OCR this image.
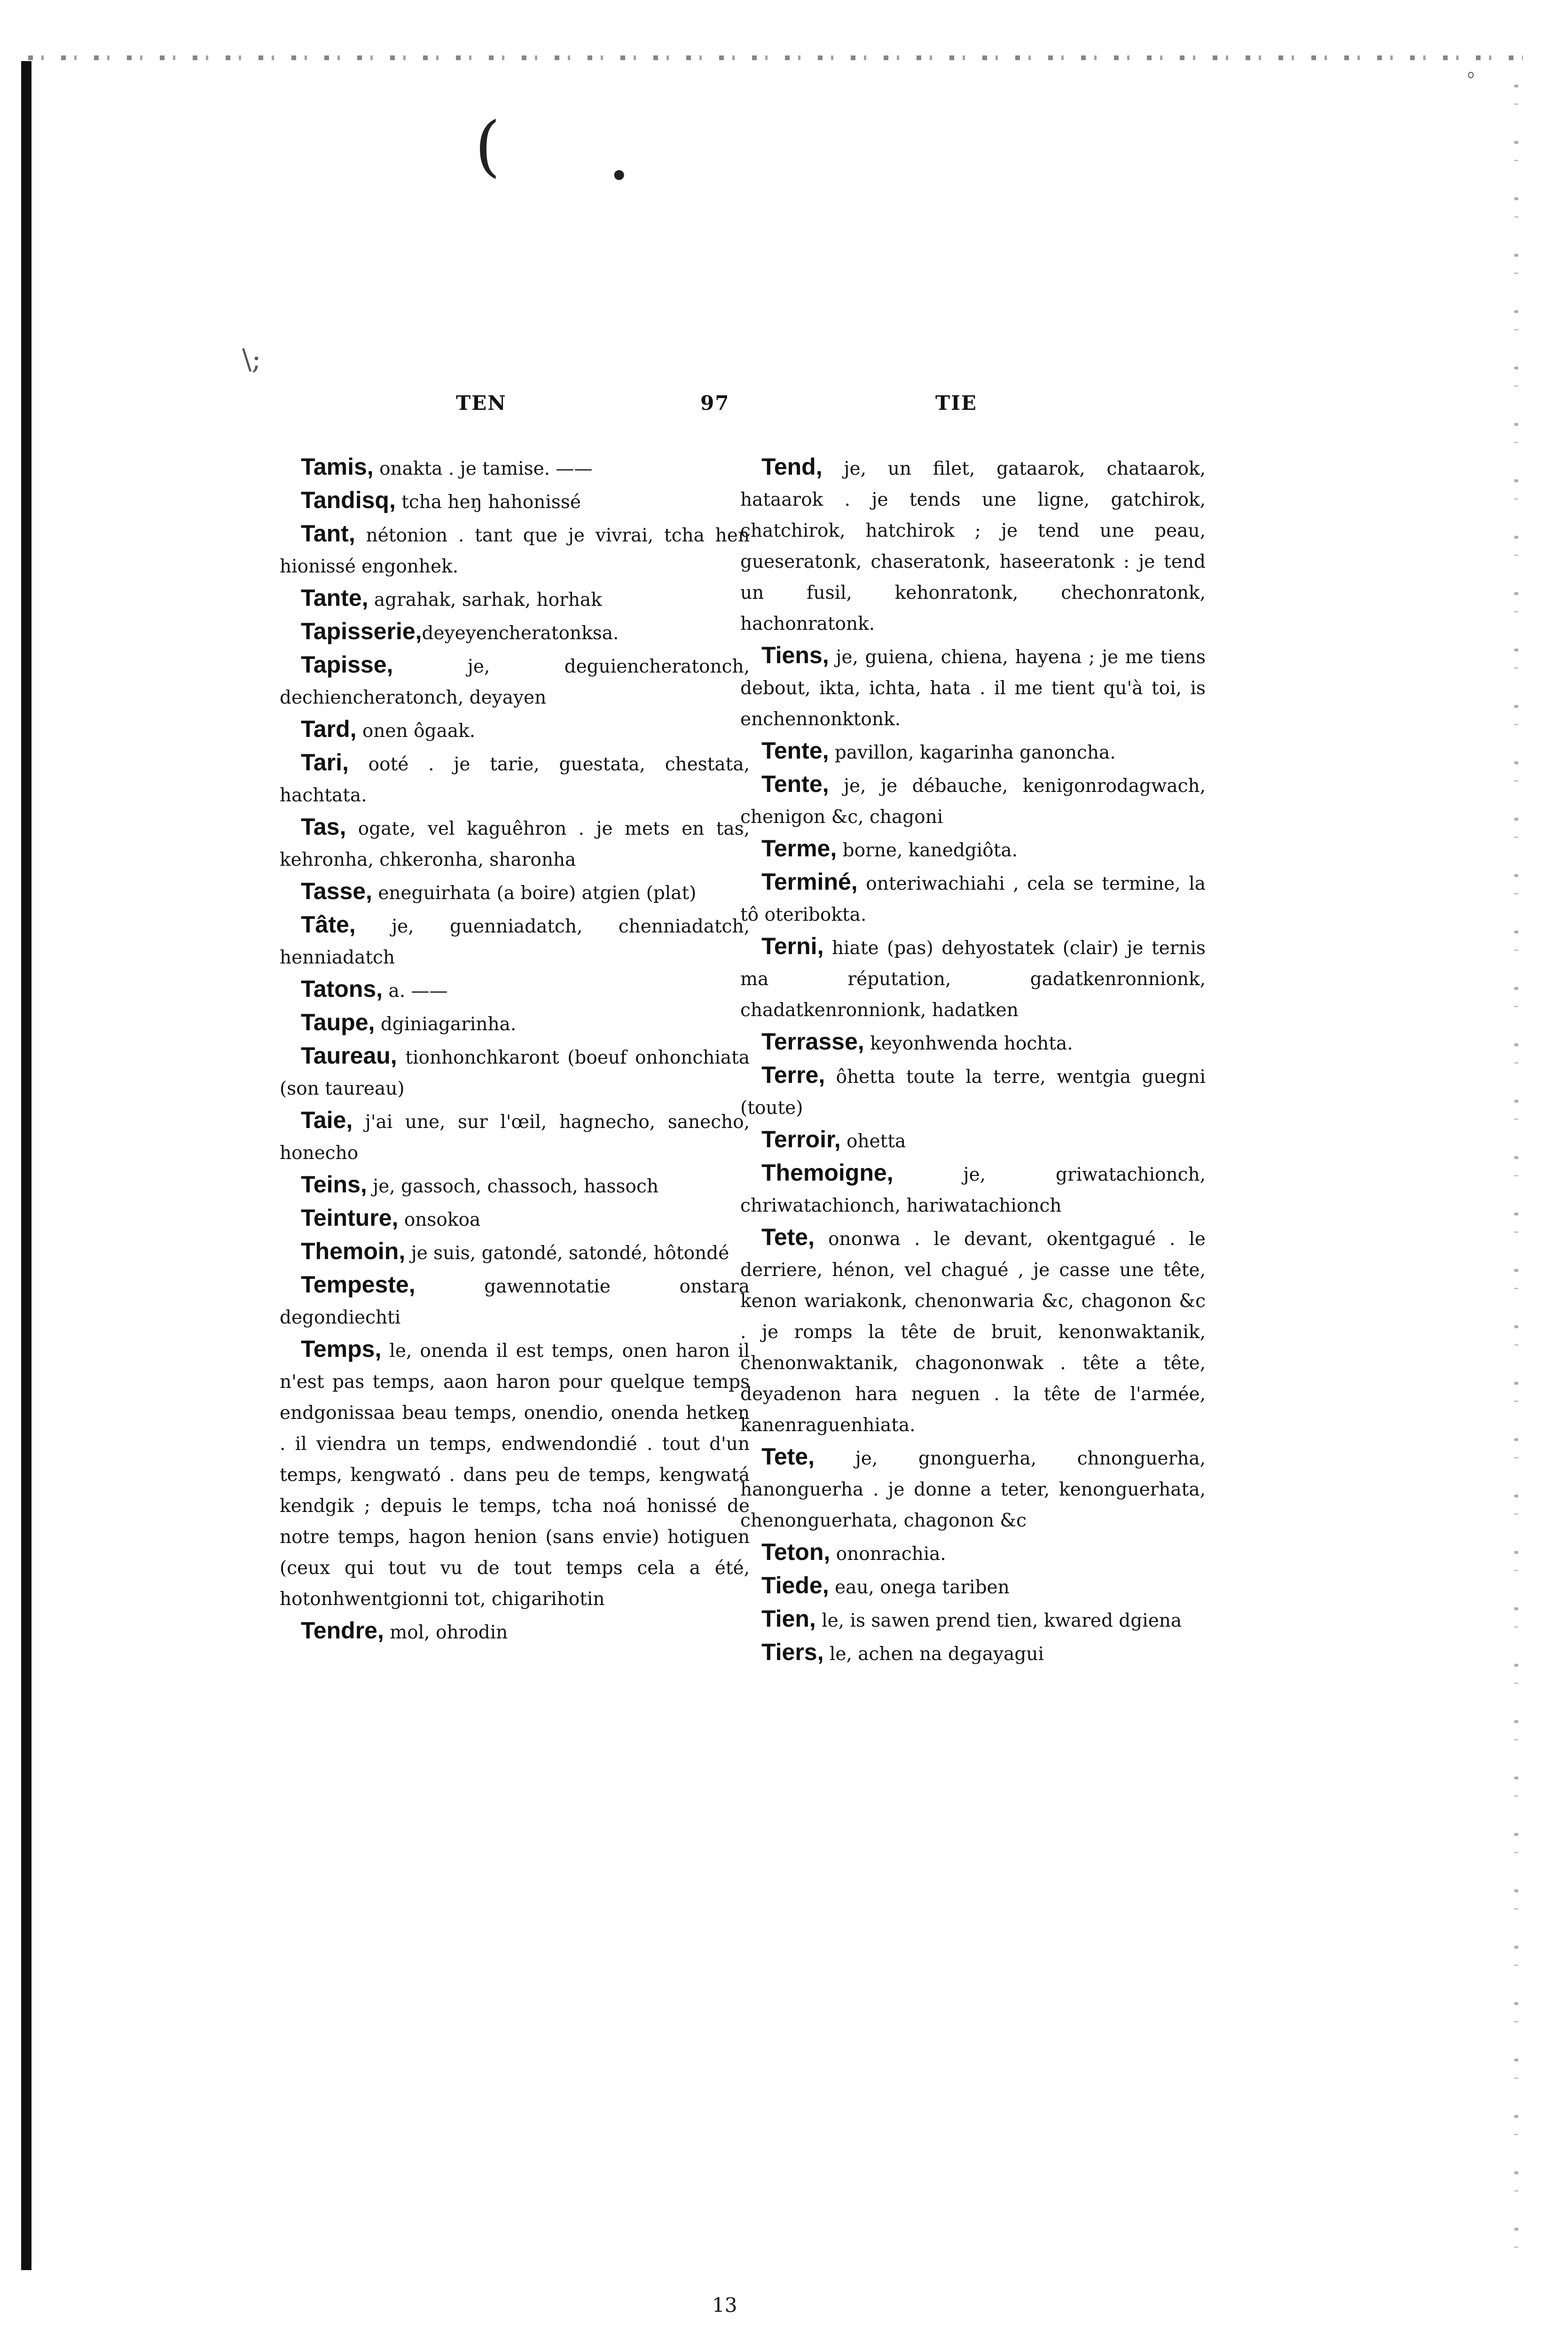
ﾟ
(	•
\;
TEN	97	TIE

Tamis, onakta . je tamise. ——

Tandisq, tcha heŋ hahonissé

Tant, nétonion . tant que je vivrai, tcha hen hionissé engonhek.

Tante, agrahak, sarhak, horhak

Tapisserie,deyeyencheratonksa.

Tapisse, je, deguiencheratonch, dechiencheratonch, deyayen

Tard, onen ôgaak.

Tari, ooté . je tarie, guestata, chestata, hachtata.

Tas, ogate, vel kaguêhron . je mets en tas, kehronha, chkeronha, sharonha

Tasse, eneguirhata (a boire) atgien (plat)

Tâte, je, guenniadatch, chenniadatch, henniadatch

Tatons, a. ——

Taupe, dginiagarinha.

Taureau, tionhonchkaront (boeuf onhonchiata (son taureau)

Taie, j'ai une, sur l'œil, hagnecho, sanecho, honecho

Teins, je, gassoch, chassoch, hassoch

Teinture, onsokoa

Themoin, je suis, gatondé, satondé, hôtondé

Tempeste, gawennotatie onstara degondiechti

Temps, le, onenda il est temps, onen haron il n'est pas temps, aaon haron pour quelque temps endgonissaa beau temps, onendio, onenda hetken . il viendra un temps, endwendondié . tout d'un temps, kengwató . dans peu de temps, kengwatá kendgik ; depuis le temps, tcha noá honissé de notre temps, hagon henion (sans envie) hotiguen (ceux qui tout vu de tout temps cela a été, hotonhwentgionni tot, chigarihotin

Tendre, mol, ohrodin

Tend, je, un filet, gataarok, chataarok, hataarok . je tends une ligne, gatchirok, chatchirok, hatchirok ; je tend une peau, gueseratonk, chaseratonk, haseeratonk : je tend un fusil, kehonratonk, chechonratonk, hachonratonk.

Tiens, je, guiena, chiena, hayena ; je me tiens debout, ikta, ichta, hata . il me tient qu'à toi, is enchennonktonk.

Tente, pavillon, kagarinha ganoncha.

Tente, je, je débauche, kenigonrodagwach, chenigon &c, chagoni

Terme, borne, kanedgiôta.

Terminé, onteriwachiahi , cela se termine, la tô oteribokta.

Terni, hiate (pas) dehyostatek (clair) je ternis ma réputation, gadatkenronnionk, chadatkenronnionk, hadatken

Terrasse, keyonhwenda hochta.

Terre, ôhetta toute la terre, wentgia guegni (toute)

Terroir, ohetta

Themoigne, je, griwatachionch, chriwatachionch, hariwatachionch

Tete, ononwa . le devant, okentgagué . le derriere, hénon, vel chagué , je casse une tête, kenon wariakonk, chenonwaria &c, chagonon &c . je romps la tête de bruit, kenonwaktanik, chenonwaktanik, chagononwak . tête a tête, deyadenon hara neguen . la tête de l'armée, kanenraguenhiata.

Tete, je, gnonguerha, chnonguerha, hanonguerha . je donne a teter, kenonguerhata, chenonguerhata, chagonon &c

Teton, ononrachia.

Tiede, eau, onega tariben

Tien, le, is sawen prend tien, kwared dgiena

Tiers, le, achen na degayagui

13
